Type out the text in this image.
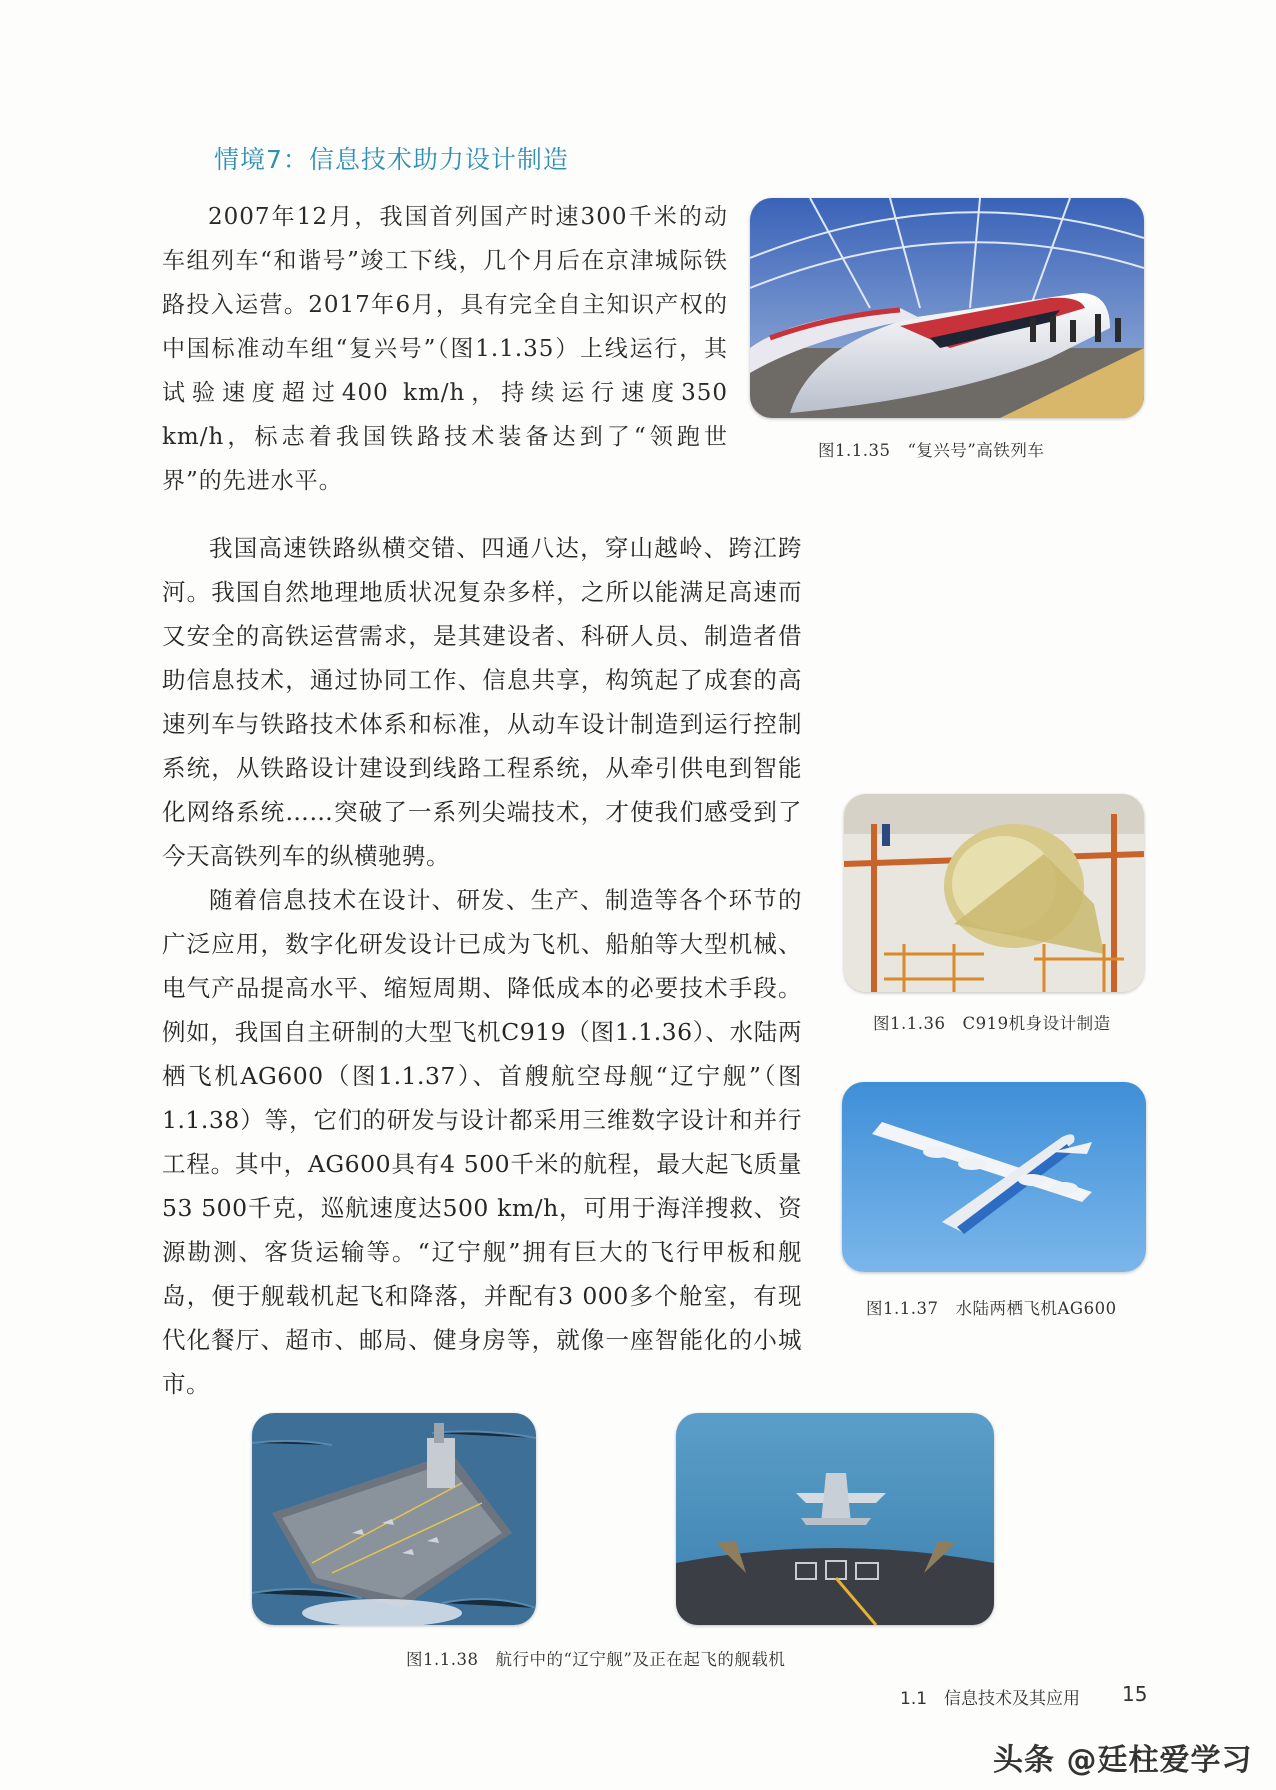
情境7：信息技术助力设计制造

2007年12月，我国首列国产时速300千米的动车组列车“和谐号”竣工下线，几个月后在京津城际铁路投入运营。2017年6月，具有完全自主知识产权的中国标准动车组“复兴号”（图1.1.35）上线运行，其试验速度超过400 km/h，持续运行速度350 km/h，标志着我国铁路技术装备达到了“领跑世界”的先进水平。

图1.1.35　“复兴号”高铁列车

我国高速铁路纵横交错、四通八达，穿山越岭、跨江跨河。我国自然地理地质状况复杂多样，之所以能满足高速而又安全的高铁运营需求，是其建设者、科研人员、制造者借助信息技术，通过协同工作、信息共享，构筑起了成套的高速列车与铁路技术体系和标准，从动车设计制造到运行控制系统，从铁路设计建设到线路工程系统，从牵引供电到智能化网络系统……突破了一系列尖端技术，才使我们感受到了今天高铁列车的纵横驰骋。

图1.1.36　C919机身设计制造

图1.1.37　水陆两栖飞机AG600

随着信息技术在设计、研发、生产、制造等各个环节的广泛应用，数字化研发设计已成为飞机、船舶等大型机械、电气产品提高水平、缩短周期、降低成本的必要技术手段。例如，我国自主研制的大型飞机C919（图1.1.36）、水陆两栖飞机AG600（图1.1.37）、首艘航空母舰“辽宁舰”（图1.1.38）等，它们的研发与设计都采用三维数字设计和并行工程。其中，AG600具有4 500千米的航程，最大起飞质量53 500千克，巡航速度达500 km/h，可用于海洋搜救、资源勘测、客货运输等。“辽宁舰”拥有巨大的飞行甲板和舰岛，便于舰载机起飞和降落，并配有3 000多个舱室，有现代化餐厅、超市、邮局、健身房等，就像一座智能化的小城市。

图1.1.38　航行中的“辽宁舰”及正在起飞的舰载机

1.1　信息技术及其应用 15
头条 @廷柱爱学习
